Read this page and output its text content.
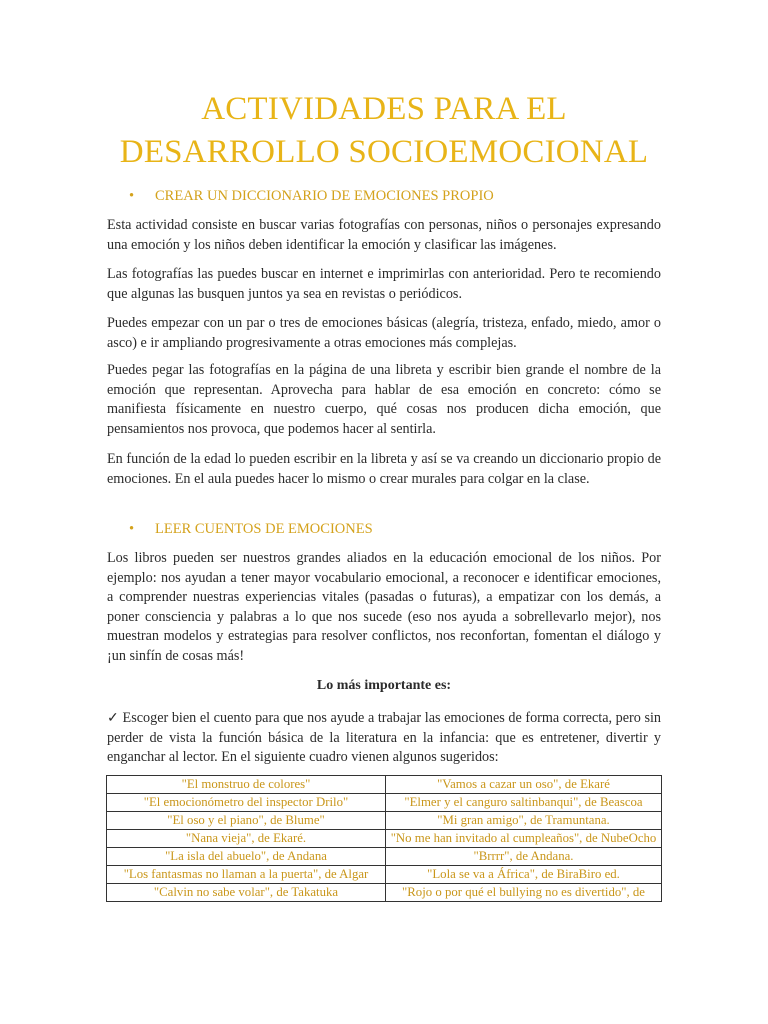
ACTIVIDADES PARA EL
DESARROLLO SOCIOEMOCIONAL
• CREAR UN DICCIONARIO DE EMOCIONES PROPIO
Esta actividad consiste en buscar varias fotografías con personas, niños o personajes expresando una emoción y los niños deben identificar la emoción y clasificar las imágenes.
Las fotografías las puedes buscar en internet e imprimirlas con anterioridad. Pero te recomiendo que algunas las busquen juntos ya sea en revistas o periódicos.
Puedes empezar con un par o tres de emociones básicas (alegría, tristeza, enfado, miedo, amor o asco) e ir ampliando progresivamente a otras emociones más complejas.
Puedes pegar las fotografías en la página de una libreta y escribir bien grande el nombre de la emoción que representan. Aprovecha para hablar de esa emoción en concreto: cómo se manifiesta físicamente en nuestro cuerpo, qué cosas nos producen dicha emoción, que pensamientos nos provoca, que podemos hacer al sentirla.
En función de la edad lo pueden escribir en la libreta y así se va creando un diccionario propio de emociones. En el aula puedes hacer lo mismo o crear murales para colgar en la clase.
• LEER CUENTOS DE EMOCIONES
Los libros pueden ser nuestros grandes aliados en la educación emocional de los niños. Por ejemplo: nos ayudan a tener mayor vocabulario emocional, a reconocer e identificar emociones, a comprender nuestras experiencias vitales (pasadas o futuras), a empatizar con los demás, a poner consciencia y palabras a lo que nos sucede (eso nos ayuda a sobrellevarlo mejor), nos muestran modelos y estrategias para resolver conflictos, nos reconfortan, fomentan el diálogo y ¡un sinfín de cosas más!
Lo más importante es:
✓ Escoger bien el cuento para que nos ayude a trabajar las emociones de forma correcta, pero sin perder de vista la función básica de la literatura en la infancia: que es entretener, divertir y enganchar al lector. En el siguiente cuadro vienen algunos sugeridos:
"El monstruo de colores"	"Vamos a cazar un oso", de Ekaré
"El emocionómetro del inspector Drilo"	"Elmer y el canguro saltinbanqui", de Beascoa
"El oso y el piano", de Blume"	"Mi gran amigo", de Tramuntana.
"Nana vieja", de Ekaré.	"No me han invitado al cumpleaños", de NubeOcho
"La isla del abuelo", de Andana	"Brrrr", de Andana.
"Los fantasmas no llaman a la puerta", de Algar	"Lola se va a África", de BiraBiro ed.
"Calvin no sabe volar", de Takatuka	"Rojo o por qué el bullying no es divertido", de
